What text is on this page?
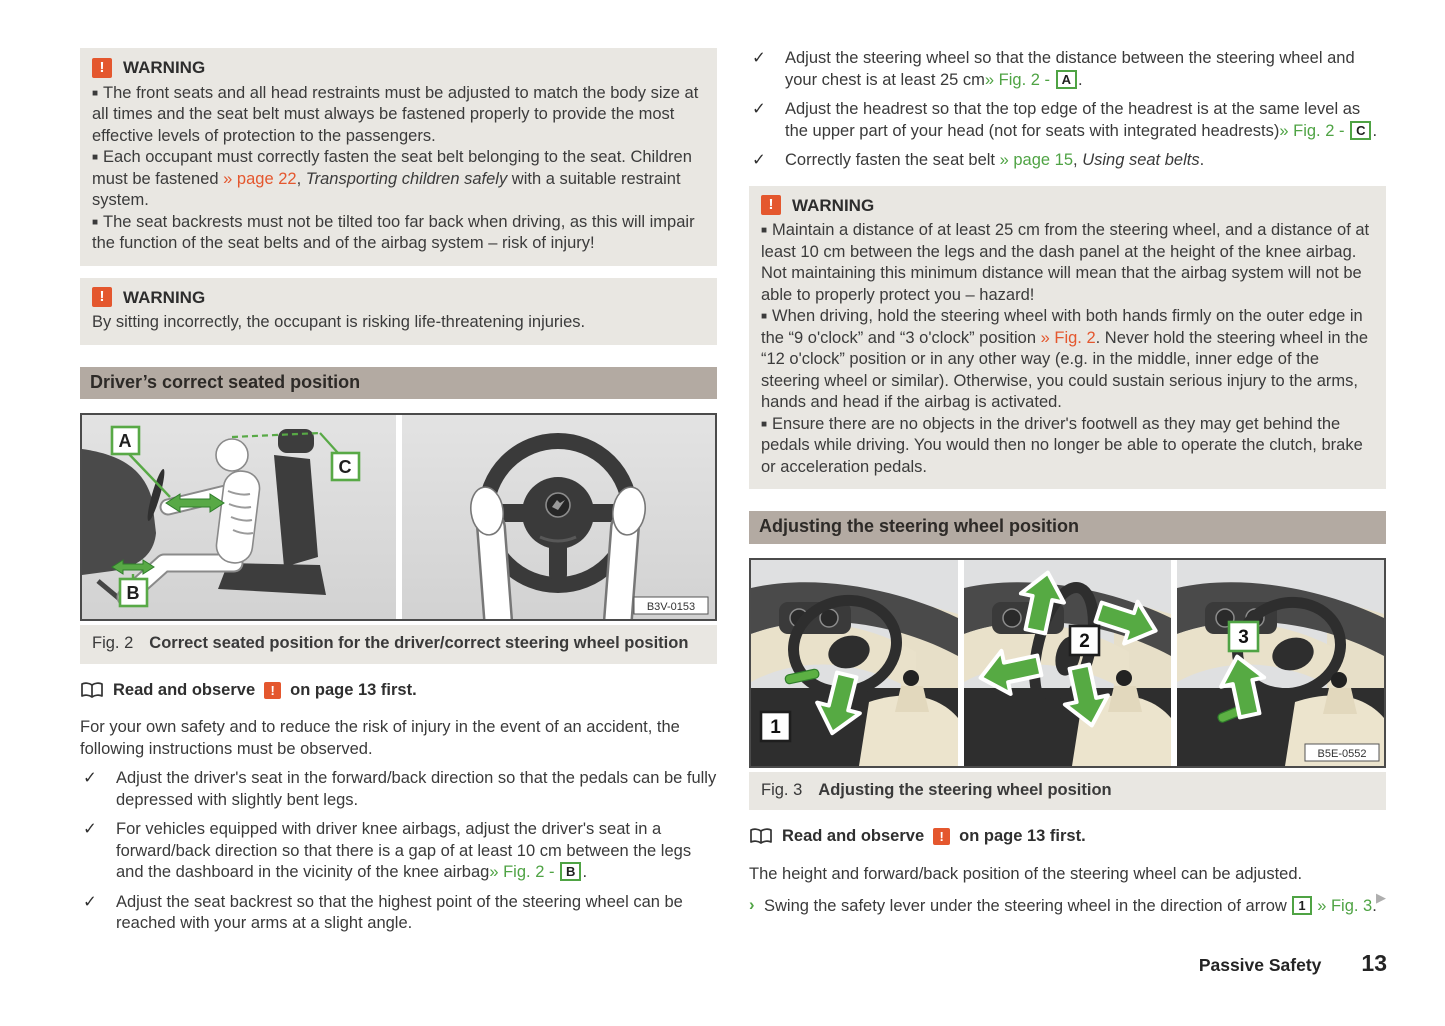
!	WARNING

■ The front seats and all head restraints must be adjusted to match the body size at all times and the seat belt must always be fastened properly to provide the most effective levels of protection to the passengers.

■ Each occupant must correctly fasten the seat belt belonging to the seat. Children must be fastened » page 22, Transporting children safely with a suitable restraint system.

■ The seat backrests must not be tilted too far back when driving, as this will impair the function of the seat belts and of the airbag system – risk of injury!

!	WARNING

By sitting incorrectly, the occupant is risking life-threatening injuries.

Driver’s correct seated position
A
C
B
B3V-0153
Fig. 2 Correct seated position for the driver/correct steering wheel position
Read and observe	! on page 13 first.

For your own safety and to reduce the risk of injury in the event of an accident, the following instructions must be observed.

✓ Adjust the driver's seat in the forward/back direction so that the pedals can be fully depressed with slightly bent legs.
✓ For vehicles equipped with driver knee airbags, adjust the driver's seat in a forward/back direction so that there is a gap of at least 10 cm between the legs and the dashboard in the vicinity of the knee airbag» Fig. 2 - B .
✓ Adjust the seat backrest so that the highest point of the steering wheel can be reached with your arms at a slight angle.
✓ Adjust the steering wheel so that the distance between the steering wheel and your chest is at least 25 cm» Fig. 2 - A .
✓ Adjust the headrest so that the top edge of the headrest is at the same level as the upper part of your head (not for seats with integrated headrests)» Fig. 2 - C .
✓ Correctly fasten the seat belt » page 15, Using seat belts.
!	WARNING

■ Maintain a distance of at least 25 cm from the steering wheel, and a distance of at least 10 cm between the legs and the dash panel at the height of the knee airbag. Not maintaining this minimum distance will mean that the airbag system will not be able to properly protect you – hazard!

■ When driving, hold the steering wheel with both hands firmly on the outer edge in the “9 o'clock” and “3 o'clock” position » Fig. 2. Never hold the steering wheel in the “12 o'clock” position or in any other way (e.g. in the middle, inner edge of the steering wheel or similar). Otherwise, you could sustain serious injury to the arms, hands and head if the airbag is activated.

■ Ensure there are no objects in the driver's footwell as they may get behind the pedals while driving. You would then no longer be able to operate the clutch, brake or acceleration pedals.

Adjusting the steering wheel position
1
2	3
B5E-0552
Fig. 3 Adjusting the steering wheel position
Read and observe	! on page 13 first.

The height and forward/back position of the steering wheel can be adjusted.

› Swing the safety lever under the steering wheel in the direction of arrow 1 » Fig. 3. ▶
Passive Safety 13
